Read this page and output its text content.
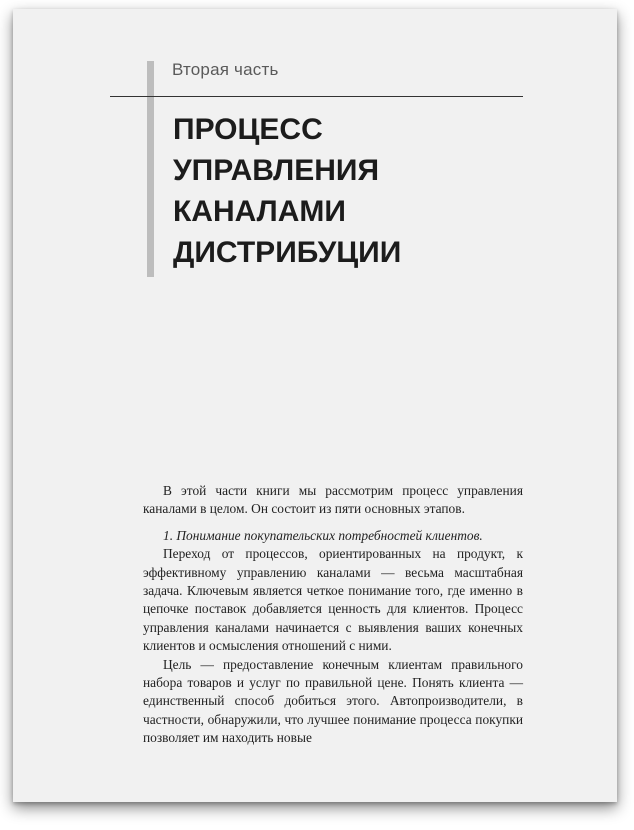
Вторая часть
ПРОЦЕСС
УПРАВЛЕНИЯ
КАНАЛАМИ
ДИСТРИБУЦИИ

В этой части книги мы рассмотрим процесс управления каналами в целом. Он состоит из пяти основных этапов.

1. Понимание покупательских потребностей клиентов.

Переход от процессов, ориентированных на продукт, к эффективному управлению каналами — весьма масштабная задача. Ключевым является четкое понимание того, где именно в цепочке поставок добавляется ценность для клиентов. Процесс управления каналами начинается с выявления ваших конечных клиентов и осмысления отношений с ними.

Цель — предоставление конечным клиентам правильного набора товаров и услуг по правильной цене. Понять клиента — единственный способ добиться этого. Автопроизводители, в частности, обнаружили, что лучшее понимание процесса покупки позволяет им находить новые
